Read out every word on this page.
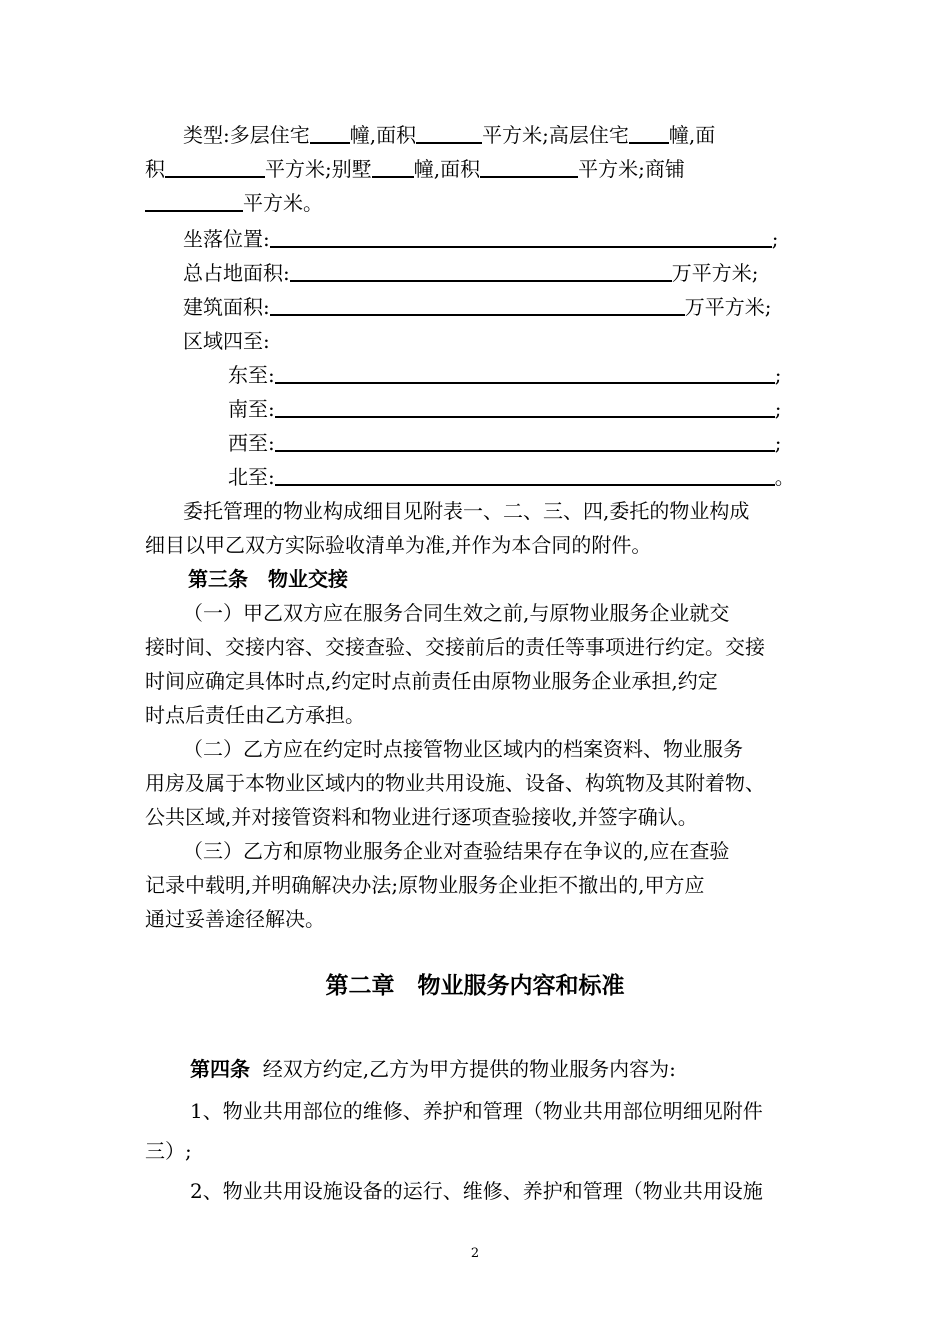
类型:多层住宅 幢,面积	平方米;高层住宅 幢,面
积	平方米;别墅 幢,面积	平方米;商铺
平方米。
坐落位置:	;
总占地面积:	万平方米;
建筑面积:	万平方米;
区域四至:
东至:	;
南至:	;
西至:	;
北至:	。
委托管理的物业构成细目见附表一、二、三、四,委托的物业构成
细目以甲乙双方实际验收清单为准,并作为本合同的附件。
第三条　物业交接
（一）甲乙双方应在服务合同生效之前,与原物业服务企业就交
接时间、交接内容、交接查验、交接前后的责任等事项进行约定。交接
时间应确定具体时点,约定时点前责任由原物业服务企业承担,约定
时点后责任由乙方承担。
（二）乙方应在约定时点接管物业区域内的档案资料、物业服务
用房及属于本物业区域内的物业共用设施、设备、构筑物及其附着物、
公共区域,并对接管资料和物业进行逐项查验接收,并签字确认。
（三）乙方和原物业服务企业对查验结果存在争议的,应在查验
记录中载明,并明确解决办法;原物业服务企业拒不撤出的,甲方应
通过妥善途径解决。
第二章　物业服务内容和标准
第四条 经双方约定,乙方为甲方提供的物业服务内容为:
1、物业共用部位的维修、养护和管理（物业共用部位明细见附件
三）;
2、物业共用设施设备的运行、维修、养护和管理（物业共用设施
2
